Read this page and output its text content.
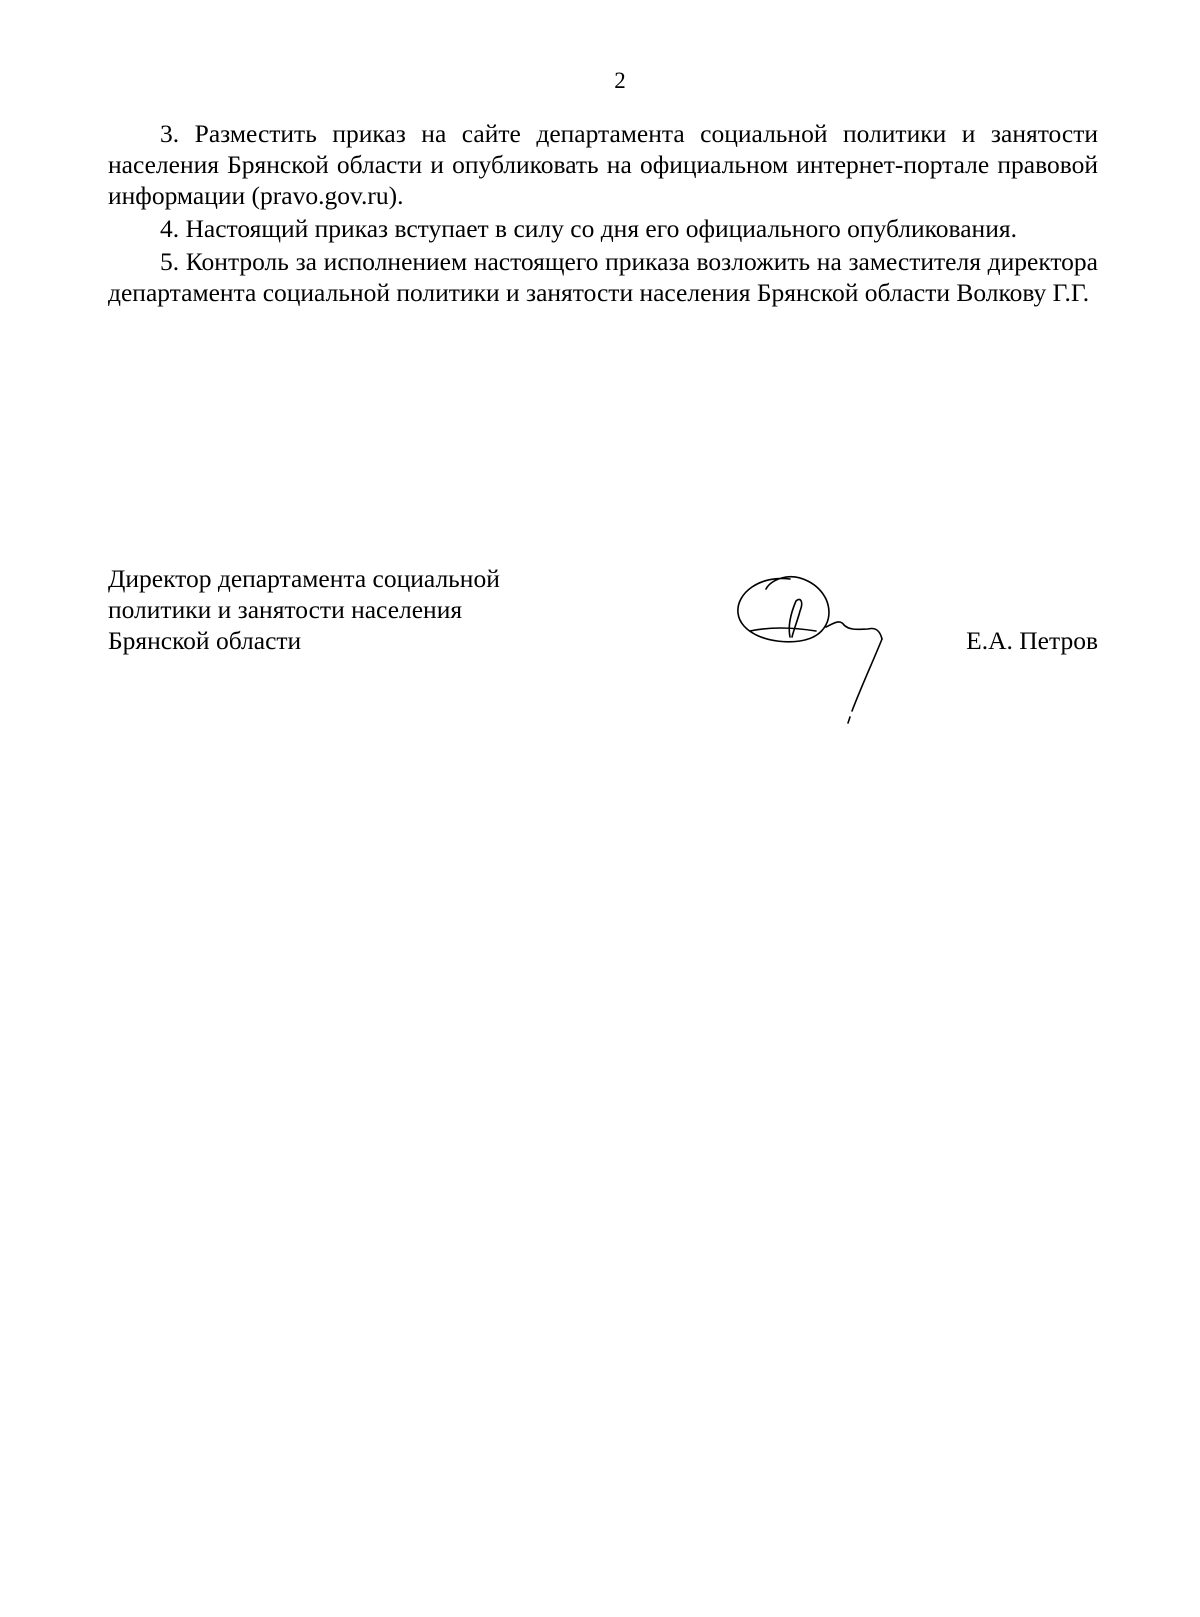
2

3. Разместить приказ на сайте департамента социальной политики и занятости населения Брянской области и опубликовать на официальном интернет-портале правовой информации (pravo.gov.ru).

4. Настоящий приказ вступает в силу со дня его официального опубликования.

5. Контроль за исполнением настоящего приказа возложить на заместителя директора департамента социальной политики и занятости населения Брянской области Волкову Г.Г.

Директор департамента социальной
политики и занятости населения
Брянской области	Е.А. Петров
